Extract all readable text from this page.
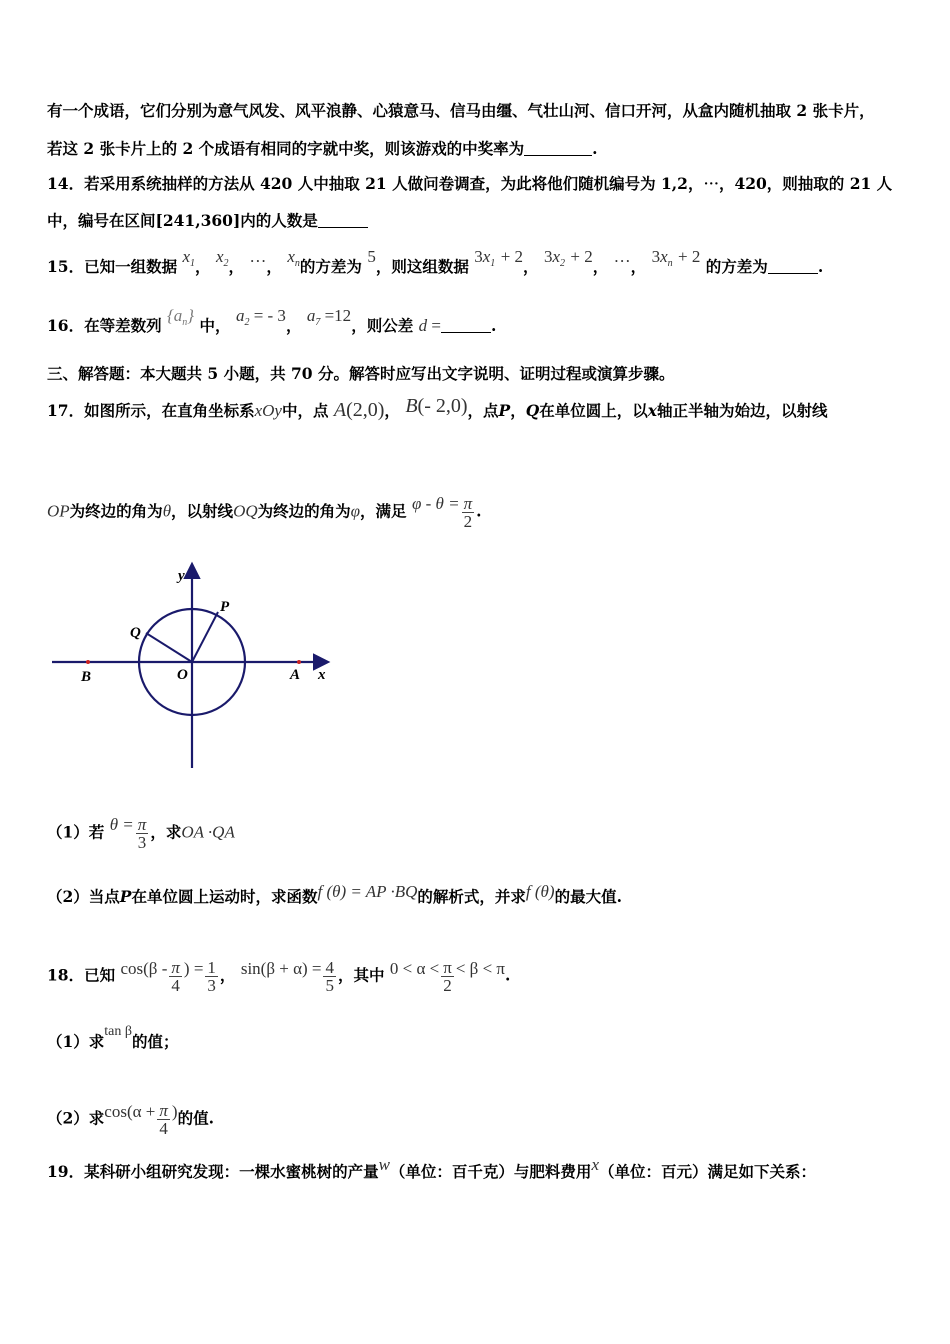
有一个成语，它们分别为意气风发、风平浪静、心猿意马、信马由缰、气壮山河、信口开河，从盒内随机抽取 2 张卡片，
若这 2 张卡片上的 2 个成语有相同的字就中奖，则该游戏的中奖率为	.
14．若采用系统抽样的方法从 420 人中抽取 21 人做问卷调查，为此将他们随机编号为 1,2，⋯，420，则抽取的 21 人
中，编号在区间[241,360]内的人数是
15．已知一组数据 $x_1$， $x_2$， …， $x_n$的方差为 5，则这组数据 $3x_1 + 2$， $3x_2 + 2$， …， $3x_n + 2$ 的方差为	.
16．在等差数列 $\{a_n\}$ 中， $a_2$ = - 3， $a_7 =12$，则公差 d =	.
三、解答题：本大题共 5 小题，共 70 分。解答时应写出文字说明、证明过程或演算步骤。
17．如图所示，在直角坐标系xOy中，点 A(2,0)， B(- 2,0)，点P，Q在单位圆上，以x轴正半轴为始边，以射线
OP为终边的角为θ，以射线OQ为终边的角为φ，满足 $\varphi - \theta = \frac{\pi}{2}$ .
y
x
O	A
B
P
Q
（1）若 $\theta = \frac{\pi}{3}$ ，求OA ·QA
（2）当点P在单位圆上运动时，求函数f (θ) = AP ·BQ的解析式，并求f (θ)的最大值.
18．已知 $\cos(\beta - \frac{\pi}{4}$ ) = $\frac{1}{3}$ ， $\sin(\beta + \alpha) = \frac{4}{5}$ ，其中 $0 < \alpha < \frac{\pi}{2} < \beta < \pi$.
（1）求tan β的值；
（2）求$\cos(\alpha + \frac{\pi}{4}$ )的值.
19．某科研小组研究发现：一棵水蜜桃树的产量w（单位：百千克）与肥料费用x（单位：百元）满足如下关系：
